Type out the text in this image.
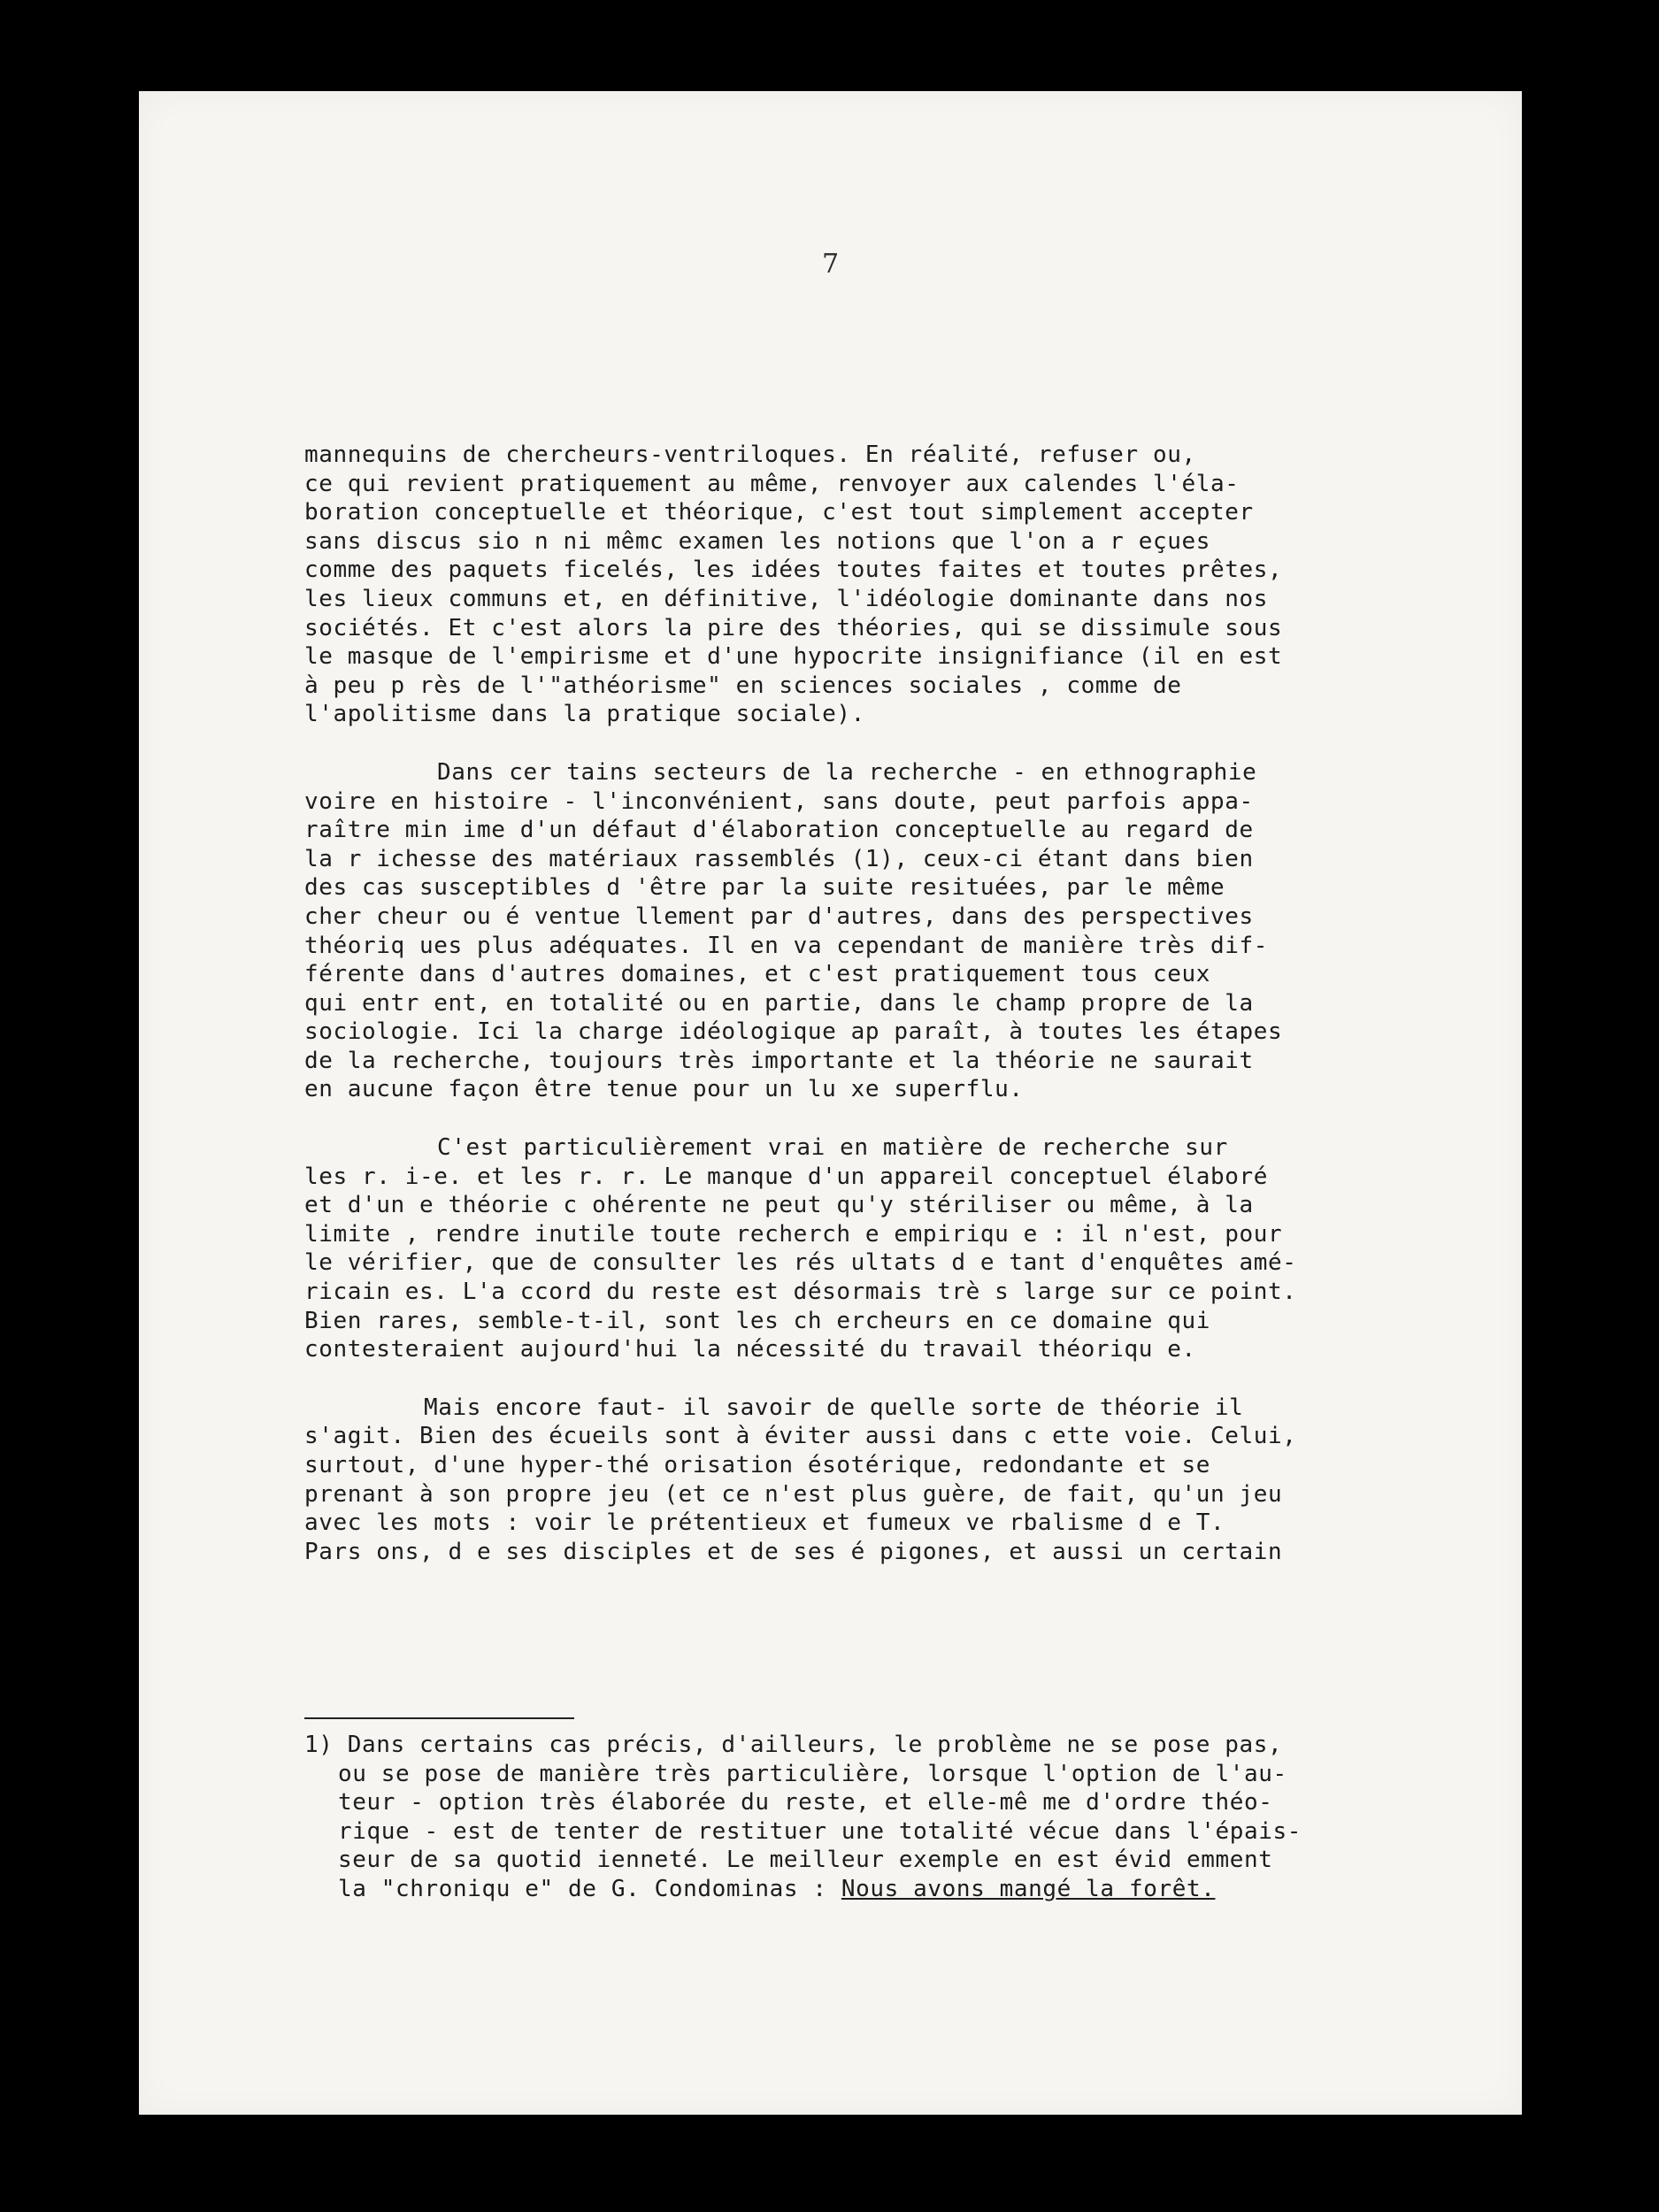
7
mannequins de chercheurs-ventriloques. En réalité, refuser ou,
ce qui revient pratiquement au même, renvoyer aux calendes l'éla-
boration conceptuelle et théorique, c'est tout simplement accepter
sans discus sio n ni mêmc examen les notions que l'on a r eçues
comme des paquets ficelés, les idées toutes faites et toutes prêtes,
les lieux communs et, en définitive, l'idéologie dominante dans nos
sociétés. Et c'est alors la pire des théories, qui se dissimule sous
le masque de l'empirisme et d'une hypocrite insignifiance (il en est
à peu p rès de l'"athéorisme" en sciences sociales , comme de
l'apolitisme dans la pratique sociale).
Dans cer tains secteurs de la recherche - en ethnographie
voire en histoire - l'inconvénient, sans doute, peut parfois appa-
raître min ime d'un défaut d'élaboration conceptuelle au regard de
la r ichesse des matériaux rassemblés (1), ceux-ci étant dans bien
des cas susceptibles d 'être par la suite resituées, par le même
cher cheur ou é ventue llement par d'autres, dans des perspectives
théoriq ues plus adéquates. Il en va cependant de manière très dif-
férente dans d'autres domaines, et c'est pratiquement tous ceux
qui entr ent, en totalité ou en partie, dans le champ propre de la
sociologie. Ici la charge idéologique ap paraît, à toutes les étapes
de la recherche, toujours très importante et la théorie ne saurait
en aucune façon être tenue pour un lu xe superflu.
C'est particulièrement vrai en matière de recherche sur
les r. i-e. et les r. r. Le manque d'un appareil conceptuel élaboré
et d'un e théorie c ohérente ne peut qu'y stériliser ou même, à la
limite , rendre inutile toute recherch e empiriqu e : il n'est, pour
le vérifier, que de consulter les rés ultats d e tant d'enquêtes amé-
ricain es. L'a ccord du reste est désormais trè s large sur ce point.
Bien rares, semble-t-il, sont les ch ercheurs en ce domaine qui
contesteraient aujourd'hui la nécessité du travail théoriqu e.
Mais encore faut- il savoir de quelle sorte de théorie il
s'agit. Bien des écueils sont à éviter aussi dans c ette voie. Celui,
surtout, d'une hyper-thé orisation ésotérique, redondante et se
prenant à son propre jeu (et ce n'est plus guère, de fait, qu'un jeu
avec les mots : voir le prétentieux et fumeux ve rbalisme d e T.
Pars ons, d e ses disciples et de ses é pigones, et aussi un certain
1) Dans certains cas précis, d'ailleurs, le problème ne se pose pas,
ou se pose de manière très particulière, lorsque l'option de l'au-
teur - option très élaborée du reste, et elle-mê me d'ordre théo-
rique - est de tenter de restituer une totalité vécue dans l'épais-
seur de sa quotid ienneté. Le meilleur exemple en est évid emment
la "chroniqu e" de G. Condominas : Nous avons mangé la forêt.
